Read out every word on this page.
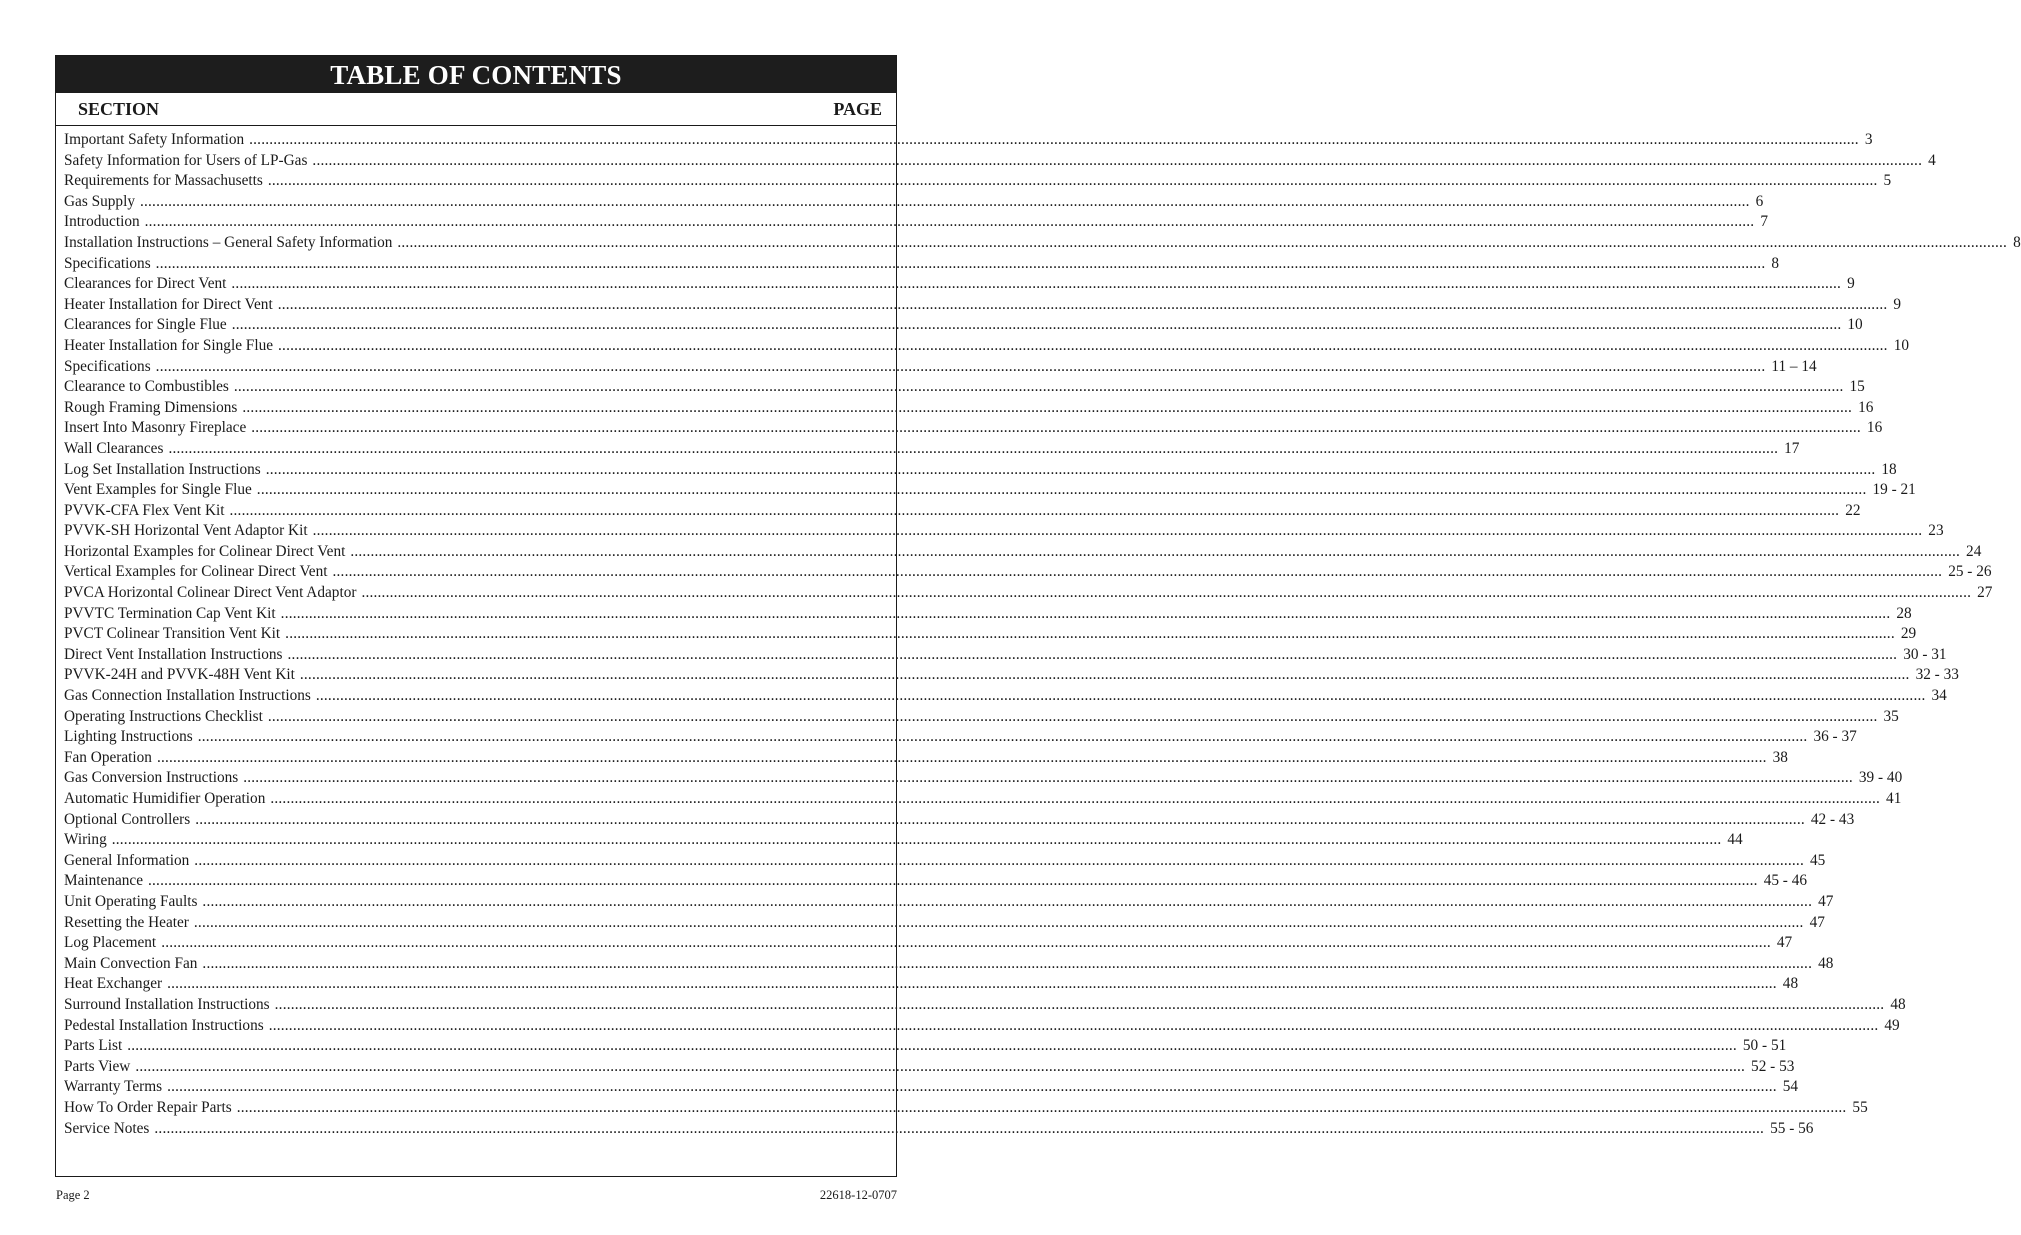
TABLE OF CONTENTS
SECTION	PAGE
Important Safety Information ................................................................................................................................................................................................................................................................................................................................................................................................................ 3
Safety Information for Users of LP-Gas ................................................................................................................................................................................................................................................................................................................................................................................................................ 4
Requirements for Massachusetts ................................................................................................................................................................................................................................................................................................................................................................................................................ 5
Gas Supply ................................................................................................................................................................................................................................................................................................................................................................................................................ 6
Introduction ................................................................................................................................................................................................................................................................................................................................................................................................................ 7
Installation Instructions – General Safety Information ................................................................................................................................................................................................................................................................................................................................................................................................................ 8
Specifications ................................................................................................................................................................................................................................................................................................................................................................................................................ 8
Clearances for Direct Vent ................................................................................................................................................................................................................................................................................................................................................................................................................ 9
Heater Installation for Direct Vent ................................................................................................................................................................................................................................................................................................................................................................................................................ 9
Clearances for Single Flue ................................................................................................................................................................................................................................................................................................................................................................................................................ 10
Heater Installation for Single Flue ................................................................................................................................................................................................................................................................................................................................................................................................................ 10
Specifications ................................................................................................................................................................................................................................................................................................................................................................................................................ 11 – 14
Clearance to Combustibles ................................................................................................................................................................................................................................................................................................................................................................................................................ 15
Rough Framing Dimensions ................................................................................................................................................................................................................................................................................................................................................................................................................ 16
Insert Into Masonry Fireplace ................................................................................................................................................................................................................................................................................................................................................................................................................ 16
Wall Clearances ................................................................................................................................................................................................................................................................................................................................................................................................................ 17
Log Set Installation Instructions ................................................................................................................................................................................................................................................................................................................................................................................................................ 18
Vent Examples for Single Flue ................................................................................................................................................................................................................................................................................................................................................................................................................ 19 - 21
PVVK-CFA Flex Vent Kit ................................................................................................................................................................................................................................................................................................................................................................................................................ 22
PVVK-SH Horizontal Vent Adaptor Kit ................................................................................................................................................................................................................................................................................................................................................................................................................ 23
Horizontal Examples for Colinear Direct Vent ................................................................................................................................................................................................................................................................................................................................................................................................................ 24
Vertical Examples for Colinear Direct Vent ................................................................................................................................................................................................................................................................................................................................................................................................................ 25 - 26
PVCA Horizontal Colinear Direct Vent Adaptor ................................................................................................................................................................................................................................................................................................................................................................................................................ 27
PVVTC Termination Cap Vent Kit ................................................................................................................................................................................................................................................................................................................................................................................................................ 28
PVCT Colinear Transition Vent Kit ................................................................................................................................................................................................................................................................................................................................................................................................................ 29
Direct Vent Installation Instructions ................................................................................................................................................................................................................................................................................................................................................................................................................ 30 - 31
PVVK-24H and PVVK-48H Vent Kit ................................................................................................................................................................................................................................................................................................................................................................................................................ 32 - 33
Gas Connection Installation Instructions ................................................................................................................................................................................................................................................................................................................................................................................................................ 34
Operating Instructions Checklist ................................................................................................................................................................................................................................................................................................................................................................................................................ 35
Lighting Instructions ................................................................................................................................................................................................................................................................................................................................................................................................................ 36 - 37
Fan Operation ................................................................................................................................................................................................................................................................................................................................................................................................................ 38
Gas Conversion Instructions ................................................................................................................................................................................................................................................................................................................................................................................................................ 39 - 40
Automatic Humidifier Operation ................................................................................................................................................................................................................................................................................................................................................................................................................ 41
Optional Controllers ................................................................................................................................................................................................................................................................................................................................................................................................................ 42 - 43
Wiring ................................................................................................................................................................................................................................................................................................................................................................................................................ 44
General Information ................................................................................................................................................................................................................................................................................................................................................................................................................ 45
Maintenance ................................................................................................................................................................................................................................................................................................................................................................................................................ 45 - 46
Unit Operating Faults ................................................................................................................................................................................................................................................................................................................................................................................................................ 47
Resetting the Heater ................................................................................................................................................................................................................................................................................................................................................................................................................ 47
Log Placement ................................................................................................................................................................................................................................................................................................................................................................................................................ 47
Main Convection Fan ................................................................................................................................................................................................................................................................................................................................................................................................................ 48
Heat Exchanger ................................................................................................................................................................................................................................................................................................................................................................................................................ 48
Surround Installation Instructions ................................................................................................................................................................................................................................................................................................................................................................................................................ 48
Pedestal Installation Instructions ................................................................................................................................................................................................................................................................................................................................................................................................................ 49
Parts List ................................................................................................................................................................................................................................................................................................................................................................................................................ 50 - 51
Parts View ................................................................................................................................................................................................................................................................................................................................................................................................................ 52 - 53
Warranty Terms ................................................................................................................................................................................................................................................................................................................................................................................................................ 54
How To Order Repair Parts ................................................................................................................................................................................................................................................................................................................................................................................................................ 55
Service Notes ................................................................................................................................................................................................................................................................................................................................................................................................................ 55 - 56
Page 2	22618-12-0707
